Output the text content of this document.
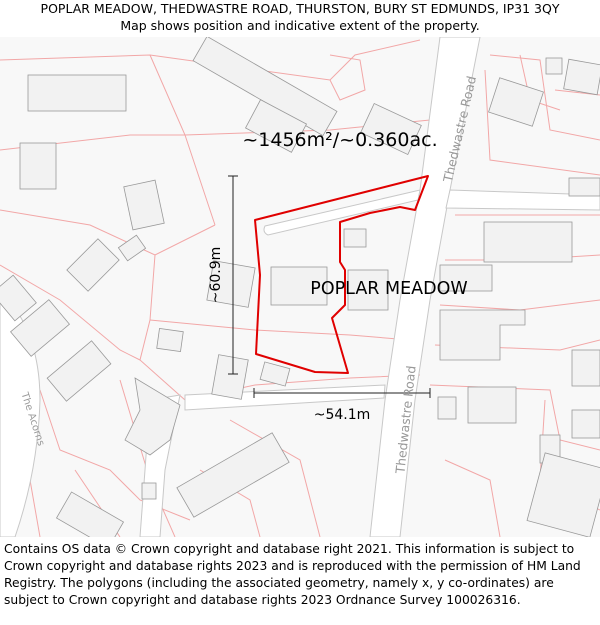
POPLAR MEADOW, THEDWASTRE ROAD, THURSTON, BURY ST EDMUNDS, IP31 3QY
Map shows position and indicative extent of the property.
~1456m²/~0.360ac.
POPLAR MEADOW
~60.9m
~54.1m
Thedwastre Road
Thedwastre Road
The Acorns
Contains OS data © Crown copyright and database right 2021. This information is subject to Crown copyright and database rights 2023 and is reproduced with the permission of HM Land Registry. The polygons (including the associated geometry, namely x, y co-ordinates) are subject to Crown copyright and database rights 2023 Ordnance Survey 100026316.
